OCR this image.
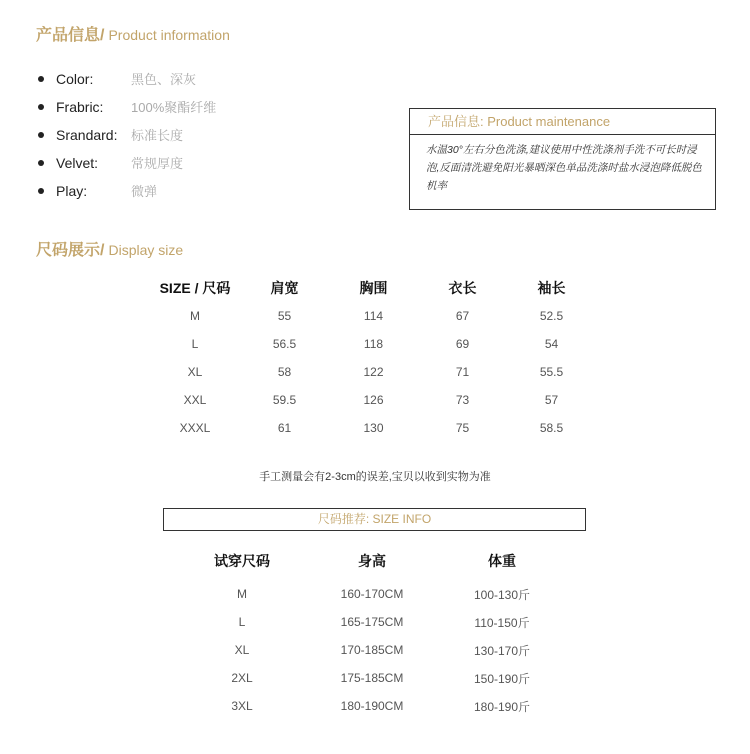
产品信息/ Product information
Color:	黑色、深灰
Frabric: 100%聚酯纤维
Srandard: 标准长度
Velvet:	常规厚度
Play:	微弹
产品信息: Product maintenance
水温30°左右分色洗涤,建议使用中性洗涤剂手洗不可长时浸泡,反面清洗避免阳光暴晒深色单品洗涤时盐水浸泡降低脱色机率
尺码展示/ Display size
SIZE / 尺码	肩宽	胸围	衣长	袖长
M	55	114	67	52.5
L	56.5	118	69	54
XL	58	122	71	55.5
XXL	59.5	126	73	57
XXXL	61	130	75	58.5
手工测量会有2-3cm的误差,宝贝以收到实物为准
尺码推荐: SIZE INFO
试穿尺码	身高	体重

M	160-170CM	100-130斤
L	165-175CM	110-150斤
XL	170-185CM	130-170斤
2XL	175-185CM	150-190斤
3XL	180-190CM	180-190斤
